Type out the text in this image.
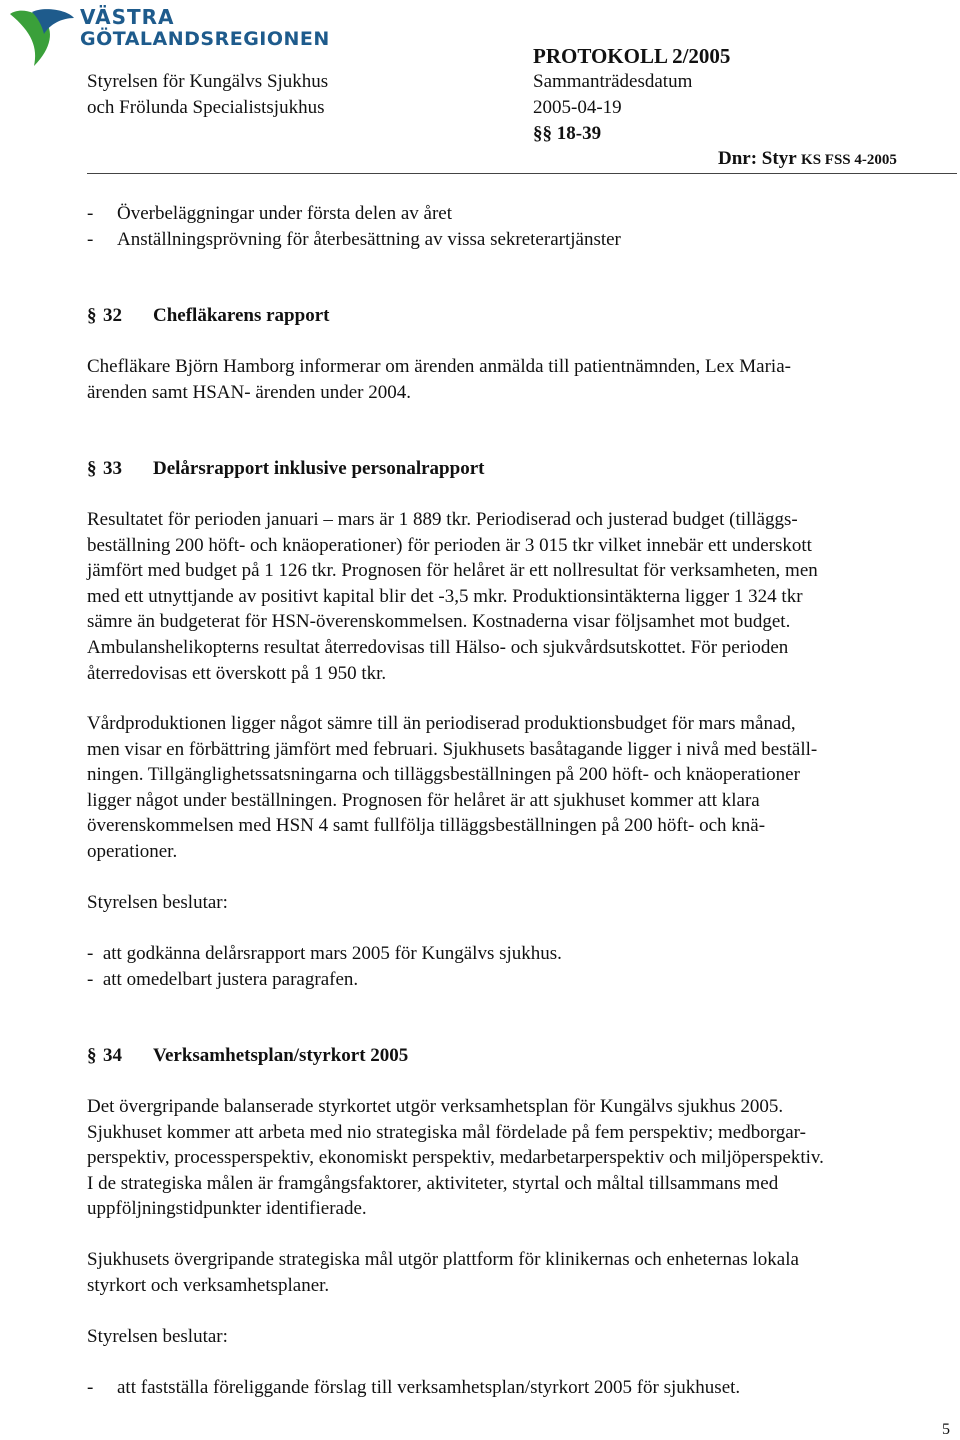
VÄSTRA
GÖTALANDSREGIONEN
Styrelsen för Kungälvs Sjukhus
och Frölunda Specialistsjukhus
PROTOKOLL 2/2005
Sammanträdesdatum
2005-04-19
§§ 18-39
Dnr: Styr KS FSS 4-2005

- Överbeläggningar under första delen av året

- Anställningsprövning för återbesättning av vissa sekreterartjänster

§ 32 Chefläkarens rapport

Chefläkare Björn Hamborg informerar om ärenden anmälda till patientnämnden, Lex Maria-

ärenden samt HSAN- ärenden under 2004.

§ 33 Delårsrapport inklusive personalrapport

Resultatet för perioden januari – mars är 1 889 tkr. Periodiserad och justerad budget (tilläggs-

beställning 200 höft- och knäoperationer) för perioden är 3 015 tkr vilket innebär ett underskott

jämfört med budget på 1 126 tkr. Prognosen för helåret är ett nollresultat för verksamheten, men

med ett utnyttjande av positivt kapital blir det -3,5 mkr. Produktionsintäkterna ligger 1 324 tkr

sämre än budgeterat för HSN-överenskommelsen. Kostnaderna visar följsamhet mot budget.

Ambulanshelikopterns resultat återredovisas till Hälso- och sjukvårdsutskottet. För perioden

återredovisas ett överskott på 1 950 tkr.

Vårdproduktionen ligger något sämre till än periodiserad produktionsbudget för mars månad,

men visar en förbättring jämfört med februari. Sjukhusets basåtagande ligger i nivå med beställ-

ningen. Tillgänglighetssatsningarna och tilläggsbeställningen på 200 höft- och knäoperationer

ligger något under beställningen. Prognosen för helåret är att sjukhuset kommer att klara

överenskommelsen med HSN 4 samt fullfölja tilläggsbeställningen på 200 höft- och knä-

operationer.

Styrelsen beslutar:

- att godkänna delårsrapport mars 2005 för Kungälvs sjukhus.

- att omedelbart justera paragrafen.

§ 34 Verksamhetsplan/styrkort 2005

Det övergripande balanserade styrkortet utgör verksamhetsplan för Kungälvs sjukhus 2005.

Sjukhuset kommer att arbeta med nio strategiska mål fördelade på fem perspektiv; medborgar-

perspektiv, processperspektiv, ekonomiskt perspektiv, medarbetarperspektiv och miljöperspektiv.

I de strategiska målen är framgångsfaktorer, aktiviteter, styrtal och måltal tillsammans med

uppföljningstidpunkter identifierade.

Sjukhusets övergripande strategiska mål utgör plattform för klinikernas och enheternas lokala

styrkort och verksamhetsplaner.

Styrelsen beslutar:

- att fastställa föreliggande förslag till verksamhetsplan/styrkort 2005 för sjukhuset.

5
